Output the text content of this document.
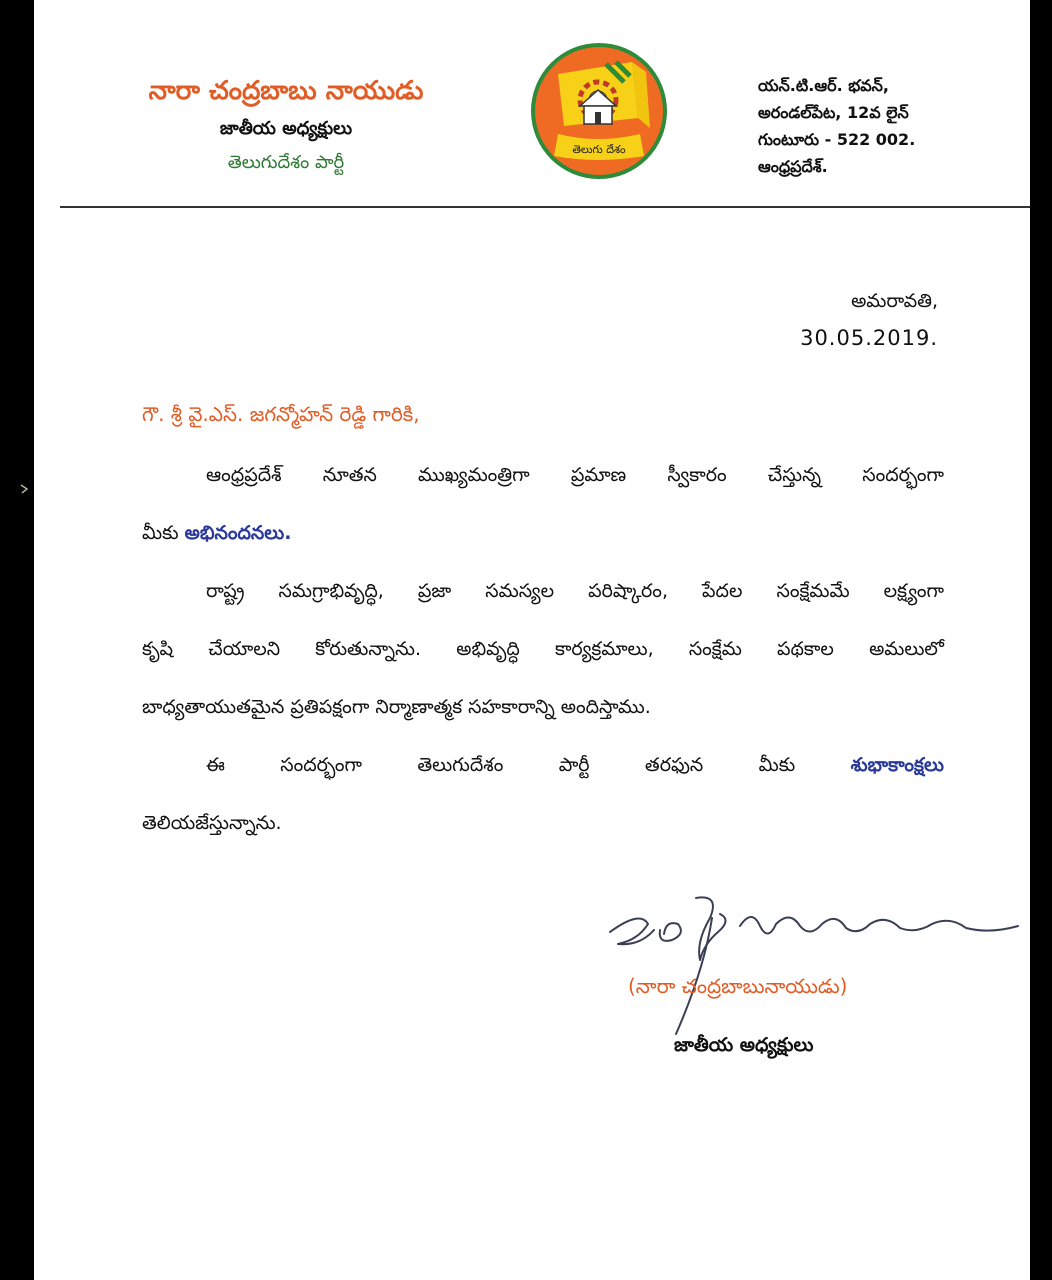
నారా చంద్రబాబు నాయుడు
జాతీయ అధ్యక్షులు
తెలుగుదేశం పార్టీ
తెలుగు దేశం
యన్.టి.ఆర్. భవన్,
అరండల్‌పేట, 12వ లైన్
గుంటూరు - 522 002.
ఆంధ్రప్రదేశ్.
అమరావతి,
30.05.2019.
గౌ. శ్రీ వై.ఎస్. జగన్మోహన్ రెడ్డి గారికి,
ఆంధ్రప్రదేశ్ నూతన ముఖ్యమంత్రిగా ప్రమాణ స్వీకారం చేస్తున్న సందర్భంగా
మీకు అభినందనలు.
రాష్ట్ర సమగ్రాభివృద్ధి, ప్రజా సమస్యల పరిష్కారం, పేదల సంక్షేమమే లక్ష్యంగా
కృషి చేయాలని కోరుతున్నాను. అభివృద్ధి కార్యక్రమాలు, సంక్షేమ పథకాల అమలులో
బాధ్యతాయుతమైన ప్రతిపక్షంగా నిర్మాణాత్మక సహకారాన్ని అందిస్తాము.
ఈ సందర్భంగా తెలుగుదేశం పార్టీ తరఫున మీకు శుభాకాంక్షలు
తెలియజేస్తున్నాను.
(నారా చంద్రబాబునాయుడు)
జాతీయ అధ్యక్షులు
